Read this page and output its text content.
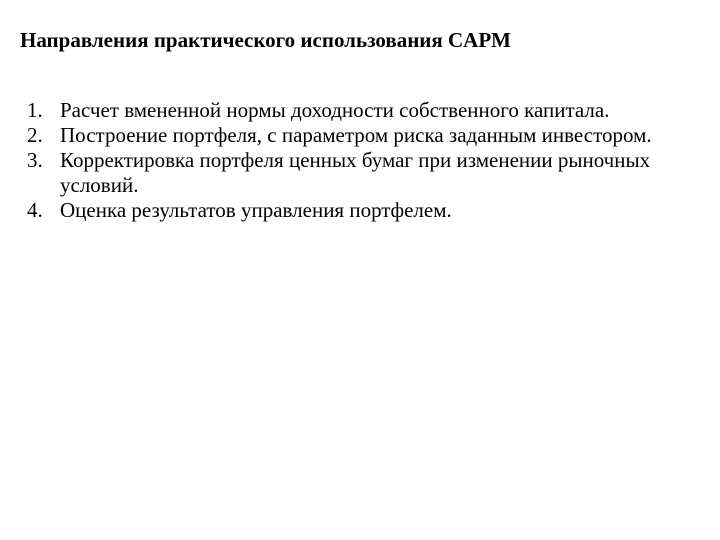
Направления практического использования CAPM
1. Расчет вмененной нормы доходности собственного капитала.
2. Построение портфеля, с параметром риска заданным инвестором.
3. Корректировка портфеля ценных бумаг при изменении рыночных условий.
4. Оценка результатов управления портфелем.
